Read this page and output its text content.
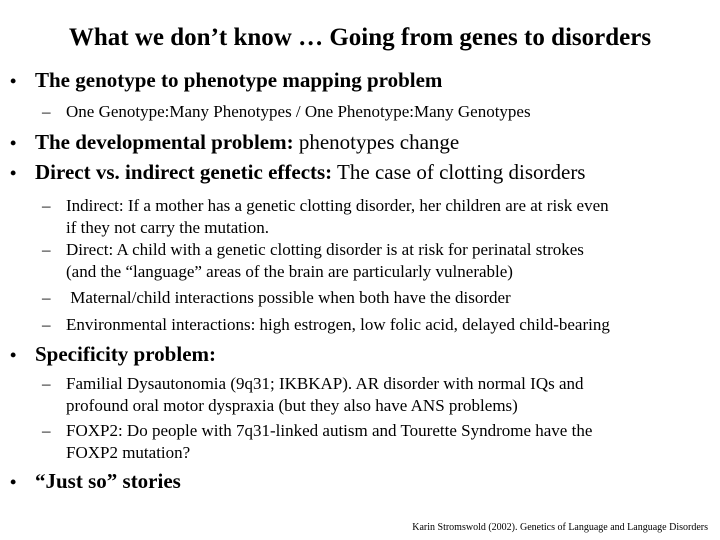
What we don’t know … Going from genes to disorders
• The genotype to phenotype mapping problem
– One Genotype:Many Phenotypes / One Phenotype:Many Genotypes
• The developmental problem: phenotypes change
• Direct vs. indirect genetic effects: The case of clotting disorders
– Indirect: If a mother has a genetic clotting disorder, her children are at risk even
if they not carry the mutation.
– Direct: A child with a genetic clotting disorder is at risk for perinatal strokes
(and the “language” areas of the brain are particularly vulnerable)
– Maternal/child interactions possible when both have the disorder
– Environmental interactions: high estrogen, low folic acid, delayed child-bearing
• Specificity problem:
– Familial Dysautonomia (9q31; IKBKAP). AR disorder with normal IQs and
profound oral motor dyspraxia (but they also have ANS problems)
– FOXP2: Do people with 7q31-linked autism and Tourette Syndrome have the
FOXP2 mutation?
• “Just so” stories
Karin Stromswold (2002). Genetics of Language and Language Disorders
